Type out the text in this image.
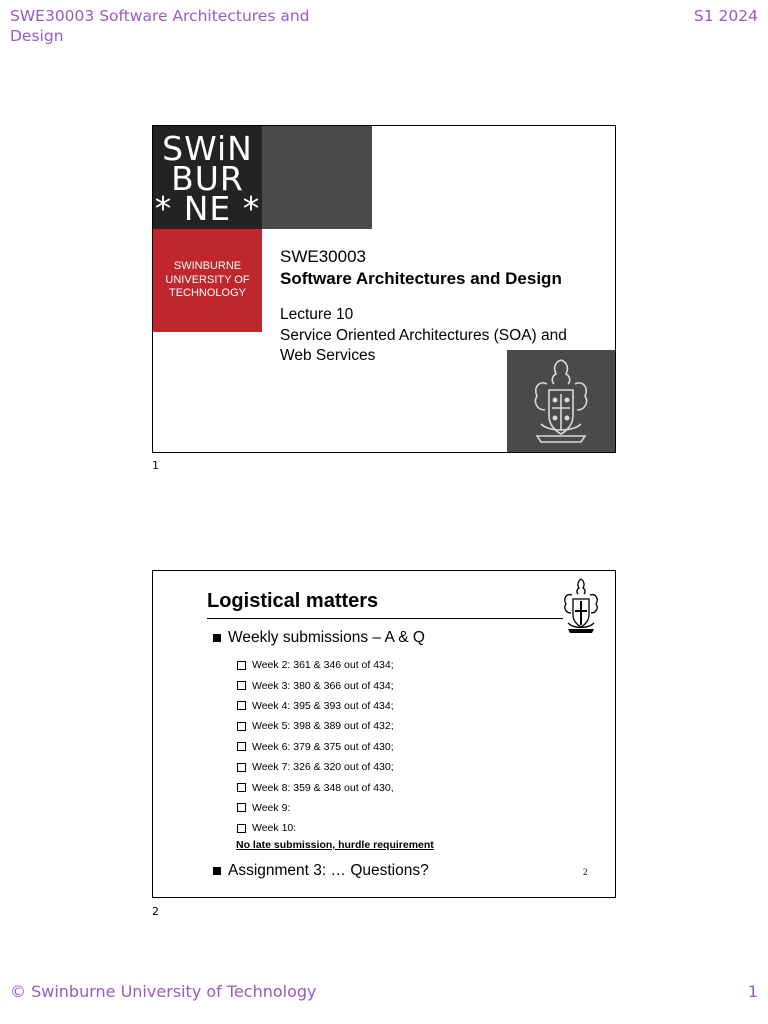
SWE30003 Software Architectures and Design
S1 2024
SWiN
BUR
* NE *
SWINBURNE
UNIVERSITY OF
TECHNOLOGY
SWE30003
Software Architectures and Design
Lecture 10
Service Oriented Architectures (SOA) and
Web Services
1
Logistical matters
Weekly submissions – A & Q
Week 2: 361 & 346 out of 434;
Week 3: 380 & 366 out of 434;
Week 4: 395 & 393 out of 434;
Week 5: 398 & 389 out of 432;
Week 6: 379 & 375 out of 430;
Week 7: 326 & 320 out of 430;
Week 8: 359 & 348 out of 430,
Week 9:
Week 10:
No late submission, hurdle requirement
Assignment 3: … Questions?	2
2
© Swinburne University of Technology	1
